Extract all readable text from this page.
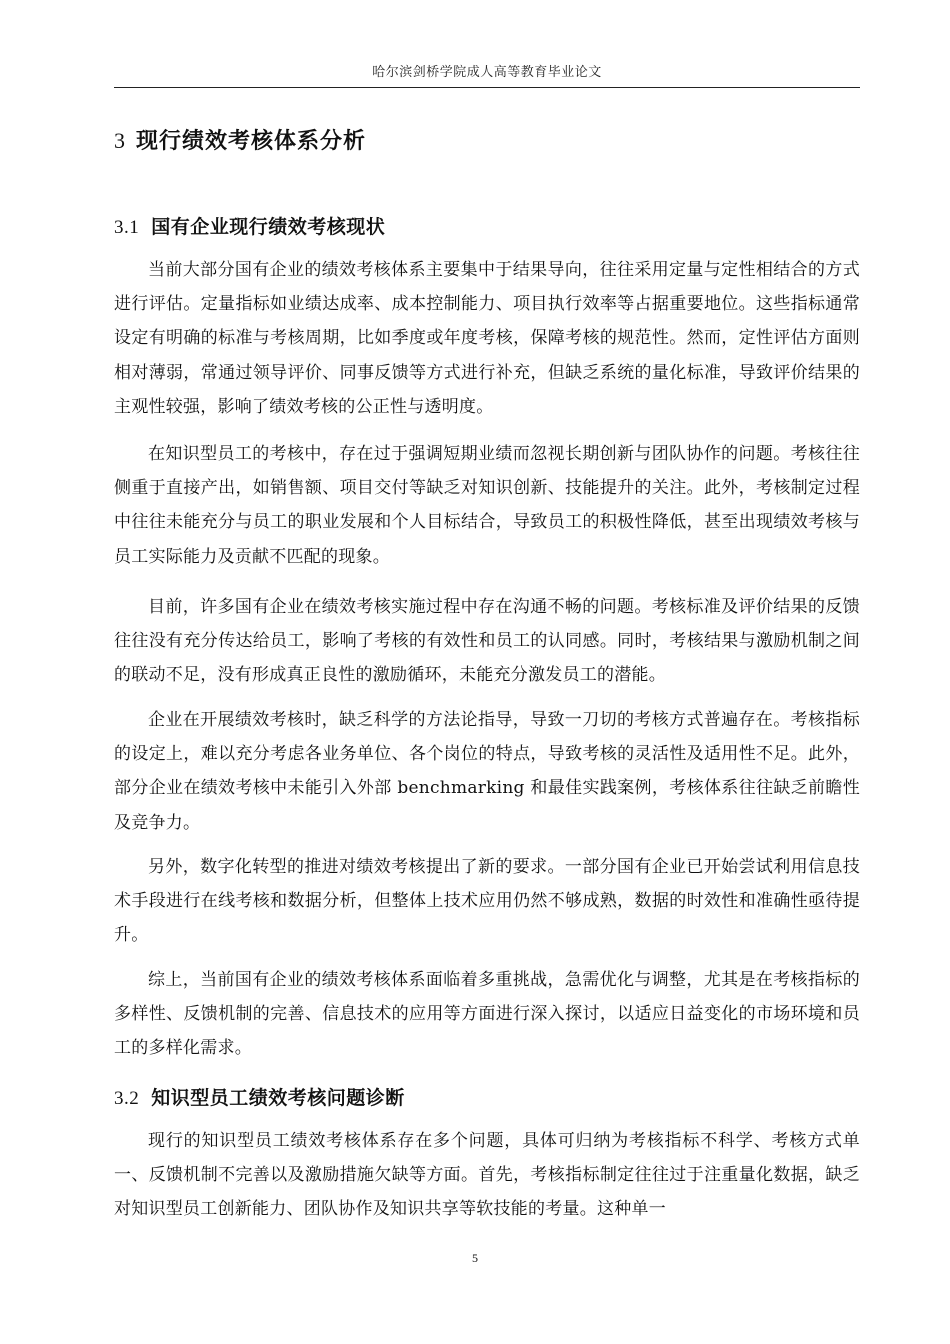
哈尔滨剑桥学院成人高等教育毕业论文
3 现行绩效考核体系分析
3.1 国有企业现行绩效考核现状

当前大部分国有企业的绩效考核体系主要集中于结果导向，往往采用定量与定性相结合的方式进行评估。定量指标如业绩达成率、成本控制能力、项目执行效率等占据重要地位。这些指标通常设定有明确的标准与考核周期，比如季度或年度考核，保障考核的规范性。然而，定性评估方面则相对薄弱，常通过领导评价、同事反馈等方式进行补充，但缺乏系统的量化标准，导致评价结果的主观性较强，影响了绩效考核的公正性与透明度。

在知识型员工的考核中，存在过于强调短期业绩而忽视长期创新与团队协作的问题。考核往往侧重于直接产出，如销售额、项目交付等缺乏对知识创新、技能提升的关注。此外，考核制定过程中往往未能充分与员工的职业发展和个人目标结合，导致员工的积极性降低，甚至出现绩效考核与员工实际能力及贡献不匹配的现象。

目前，许多国有企业在绩效考核实施过程中存在沟通不畅的问题。考核标准及评价结果的反馈往往没有充分传达给员工，影响了考核的有效性和员工的认同感。同时，考核结果与激励机制之间的联动不足，没有形成真正良性的激励循环，未能充分激发员工的潜能。

企业在开展绩效考核时，缺乏科学的方法论指导，导致一刀切的考核方式普遍存在。考核指标的设定上，难以充分考虑各业务单位、各个岗位的特点，导致考核的灵活性及适用性不足。此外，部分企业在绩效考核中未能引入外部 benchmarking 和最佳实践案例，考核体系往往缺乏前瞻性及竞争力。

另外，数字化转型的推进对绩效考核提出了新的要求。一部分国有企业已开始尝试利用信息技术手段进行在线考核和数据分析，但整体上技术应用仍然不够成熟，数据的时效性和准确性亟待提升。

综上，当前国有企业的绩效考核体系面临着多重挑战，急需优化与调整，尤其是在考核指标的多样性、反馈机制的完善、信息技术的应用等方面进行深入探讨，以适应日益变化的市场环境和员工的多样化需求。

3.2 知识型员工绩效考核问题诊断

现行的知识型员工绩效考核体系存在多个问题，具体可归纳为考核指标不科学、考核方式单一、反馈机制不完善以及激励措施欠缺等方面。首先，考核指标制定往往过于注重量化数据，缺乏对知识型员工创新能力、团队协作及知识共享等软技能的考量。这种单一

5
